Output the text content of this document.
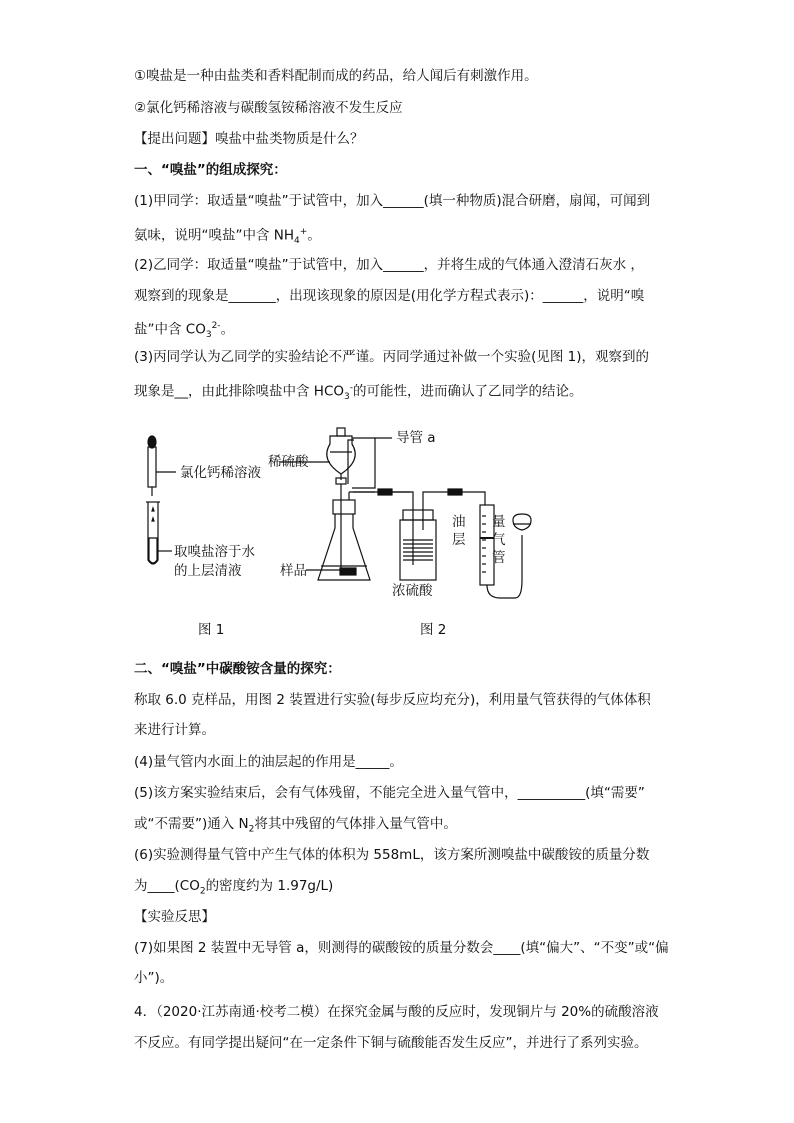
①嗅盐是一种由盐类和香料配制而成的药品，给人闻后有刺激作用。
②氯化钙稀溶液与碳酸氢铵稀溶液不发生反应
【提出问题】嗅盐中盐类物质是什么？
一、“嗅盐”的组成探究：
(1)甲同学：取适量“嗅盐”于试管中，加入______(填一种物质)混合研磨，扇闻，可闻到
氨味，说明“嗅盐”中含 $NH_4^+$。
(2)乙同学：取适量“嗅盐”于试管中，加入______，并将生成的气体通入澄清石灰水 ，
观察到的现象是_______，出现该现象的原因是(用化学方程式表示)：______，说明“嗅
盐”中含 $CO_3^{2-}$。
(3)丙同学认为乙同学的实验结论不严谨。丙同学通过补做一个实验(见图 1)，观察到的
现象是__，由此排除嗅盐中含 $HCO_3^-$的可能性，进而确认了乙同学的结论。
氯化钙稀溶液
取嗅盐溶于水
的上层清液
稀硫酸
导管 a
油
层
量
气
管
样品
浓硫酸
图 1	图 2
二、“嗅盐”中碳酸铵含量的探究：
称取 6.0 克样品，用图 2 装置进行实验(每步反应均充分)，利用量气管获得的气体体积
来进行计算。
(4)量气管内水面上的油层起的作用是_____。
(5)该方案实验结束后，会有气体残留，不能完全进入量气管中，__________(填“需要”
或“不需要”)通入 $N_2$将其中残留的气体排入量气管中。
(6)实验测得量气管中产生气体的体积为 558mL，该方案所测嗅盐中碳酸铵的质量分数
为$\_\_\_\_(CO_2$的密度约为 1.97g/L)
【实验反思】
(7)如果图 2 装置中无导管 a，则测得的碳酸铵的质量分数会____(填“偏大”、“不变”或“偏
小”)。
4．（2020·江苏南通·校考二模）在探究金属与酸的反应时，发现铜片与 20%的硫酸溶液
不反应。有同学提出疑问“在一定条件下铜与硫酸能否发生反应”，并进行了系列实验。
